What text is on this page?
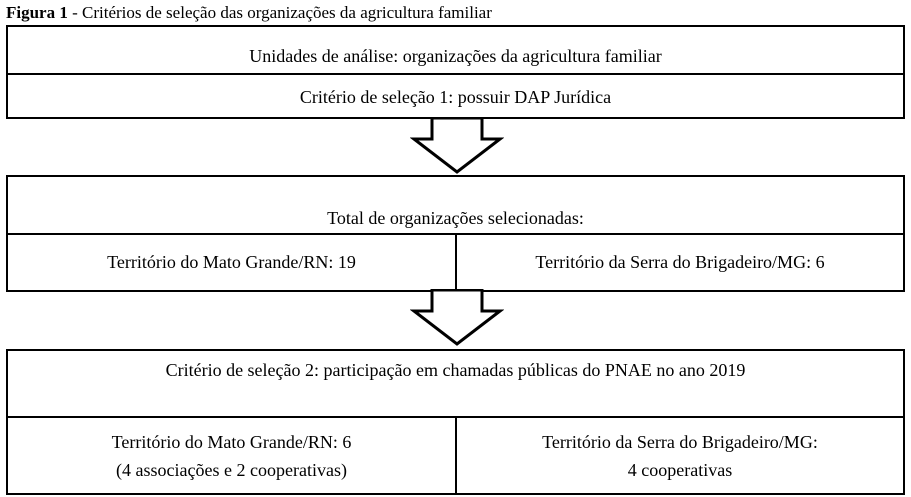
Figura 1 - Critérios de seleção das organizações da agricultura familiar
Unidades de análise: organizações da agricultura familiar
Critério de seleção 1: possuir DAP Jurídica
Total de organizações selecionadas:
Território do Mato Grande/RN: 19	Território da Serra do Brigadeiro/MG: 6
Critério de seleção 2: participação em chamadas públicas do PNAE no ano 2019
Território do Mato Grande/RN: 6
(4 associações e 2 cooperativas)
Território da Serra do Brigadeiro/MG:
4 cooperativas
